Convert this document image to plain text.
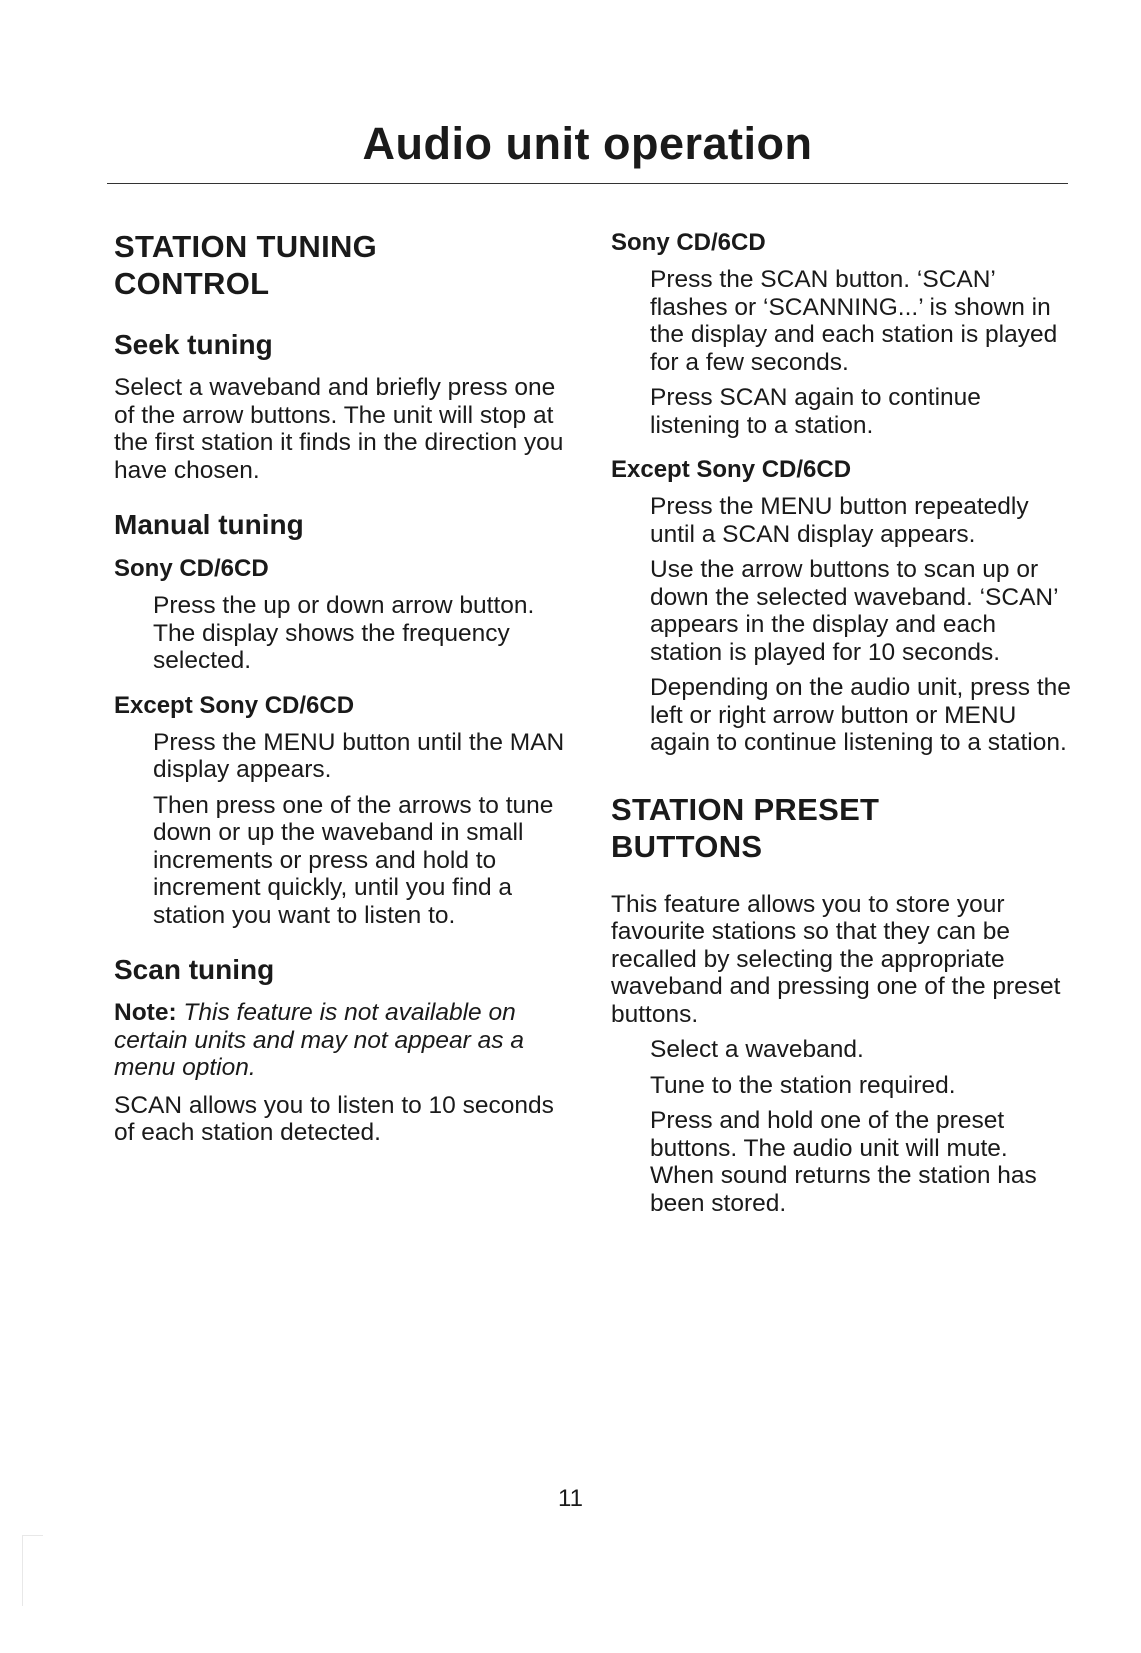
Audio unit operation
STATION TUNING CONTROL
Seek tuning

Select a waveband and briefly press one of the arrow buttons. The unit will stop at the first station it finds in the direction you have chosen.

Manual tuning
Sony CD/6CD

Press the up or down arrow button. The display shows the frequency selected.

Except Sony CD/6CD

Press the MENU button until the MAN display appears.

Then press one of the arrows to tune down or up the waveband in small increments or press and hold to increment quickly, until you find a station you want to listen to.

Scan tuning

Note: This feature is not available on certain units and may not appear as a menu option.

SCAN allows you to listen to 10 seconds of each station detected.

Sony CD/6CD

Press the SCAN button. ‘SCAN’ flashes or ‘SCANNING...’ is shown in the display and each station is played for a few seconds.

Press SCAN again to continue listening to a station.

Except Sony CD/6CD

Press the MENU button repeatedly until a SCAN display appears.

Use the arrow buttons to scan up or down the selected waveband. ‘SCAN’ appears in the display and each station is played for 10 seconds.

Depending on the audio unit, press the left or right arrow button or MENU again to continue listening to a station.

STATION PRESET BUTTONS

This feature allows you to store your favourite stations so that they can be recalled by selecting the appropriate waveband and pressing one of the preset buttons.

Select a waveband.

Tune to the station required.

Press and hold one of the preset buttons. The audio unit will mute. When sound returns the station has been stored.

11
